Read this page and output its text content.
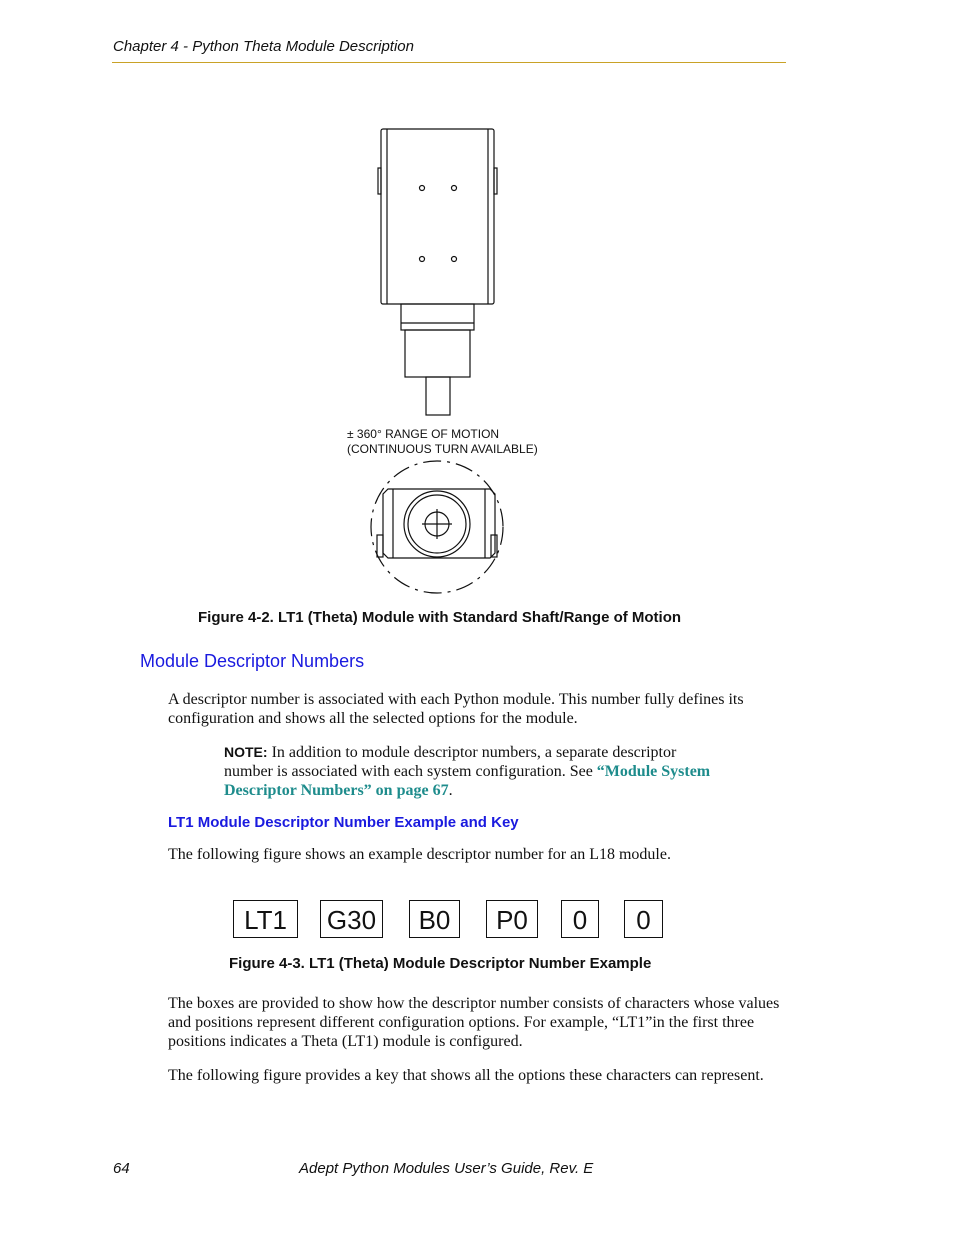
Chapter 4 - Python Theta Module Description
± 360° RANGE OF MOTION
(CONTINUOUS TURN AVAILABLE)
Figure 4-2. LT1 (Theta) Module with Standard Shaft/Range of Motion
Module Descriptor Numbers

A descriptor number is associated with each Python module. This number fully defines its configuration and shows all the selected options for the module.

NOTE: In addition to module descriptor numbers, a separate descriptor number is associated with each system configuration. See “Module System Descriptor Numbers” on page 67.

LT1 Module Descriptor Number Example and Key

The following figure shows an example descriptor number for an L18 module.

LT1	G30	B0	P0	0	0
Figure 4-3. LT1 (Theta) Module Descriptor Number Example

The boxes are provided to show how the descriptor number consists of characters whose values and positions represent different configuration options. For example, “LT1”in the first three positions indicates a Theta (LT1) module is configured.

The following figure provides a key that shows all the options these characters can represent.

64	Adept Python Modules User’s Guide, Rev. E
